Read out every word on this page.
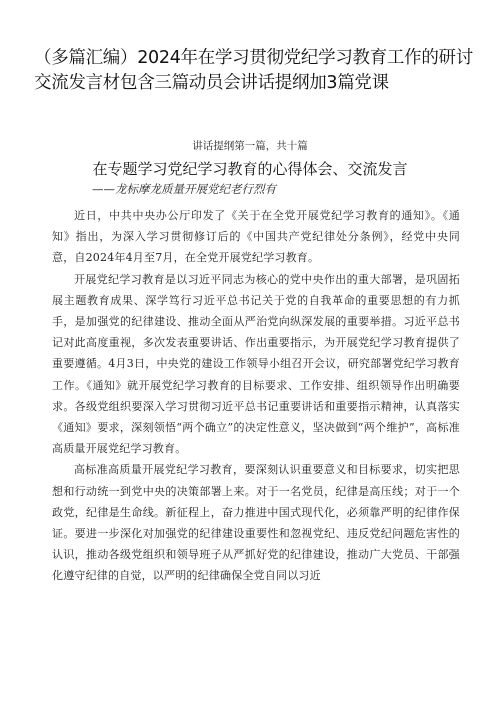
（多篇汇编）2024年在学习贯彻党纪学习教育工作的研讨交流发言材包含三篇动员会讲话提纲加3篇党课
讲话提纲第一篇，共十篇
在专题学习党纪学习教育的心得体会、交流发言
——龙标摩龙质量开展党纪老行烈有

近日，中共中央办公厅印发了《关于在全党开展党纪学习教育的通知》。《通知》指出，为深入学习贯彻修订后的《中国共产党纪律处分条例》，经党中央同意，自2024年4月至7月，在全党开展党纪学习教育。

开展党纪学习教育是以习近平同志为核心的党中央作出的重大部署，是巩固拓展主题教育成果、深学笃行习近平总书记关于党的自我革命的重要思想的有力抓手，是加强党的纪律建设、推动全面从严治党向纵深发展的重要举措。习近平总书记对此高度重视，多次发表重要讲话、作出重要指示，为开展党纪学习教育提供了重要遵循。4月3日，中央党的建设工作领导小组召开会议，研究部署党纪学习教育工作。《通知》就开展党纪学习教育的目标要求、工作安排、组织领导作出明确要求。各级党组织要深入学习贯彻习近平总书记重要讲话和重要指示精神，认真落实《通知》要求，深刻领悟“两个确立”的决定性意义，坚决做到“两个维护”，高标准高质量开展党纪学习教育。

高标准高质量开展党纪学习教育，要深刻认识重要意义和目标要求，切实把思想和行动统一到党中央的决策部署上来。对于一名党员，纪律是高压线；对于一个政党，纪律是生命线。新征程上，奋力推进中国式现代化，必须靠严明的纪律作保证。要进一步深化对加强党的纪律建设重要性和忽视党纪、违反党纪问题危害性的认识，推动各级党组织和领导班子从严抓好党的纪律建设，推动广大党员、干部强化遵守纪律的自觉，以严明的纪律确保全党自同以习近
